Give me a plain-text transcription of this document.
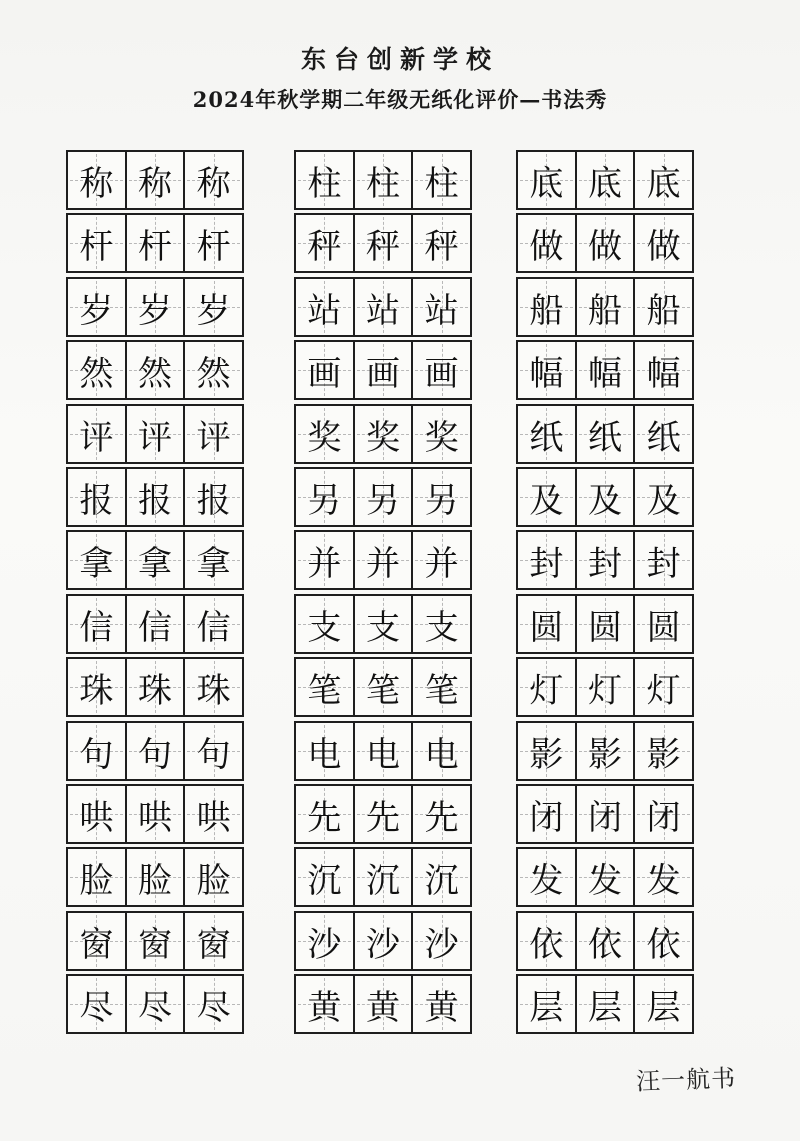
东台创新学校
2024年秋学期二年级无纸化评价—书法秀
称 称 称
杆 杆 杆
岁 岁 岁
然 然 然
评 评 评
报 报 报
拿 拿 拿
信 信 信
珠 珠 珠
句 句 句
哄 哄 哄
脸 脸 脸
窗 窗 窗
尽 尽 尽
柱 柱 柱
秤 秤 秤
站 站 站
画 画 画
奖 奖 奖
另 另 另
并 并 并
支 支 支
笔 笔 笔
电 电 电
先 先 先
沉 沉 沉
沙 沙 沙
黄 黄 黄
底 底 底
做 做 做
船 船 船
幅 幅 幅
纸 纸 纸
及 及 及
封 封 封
圆 圆 圆
灯 灯 灯
影 影 影
闭 闭 闭
发 发 发
依 依 依
层 层 层
汪一航书
